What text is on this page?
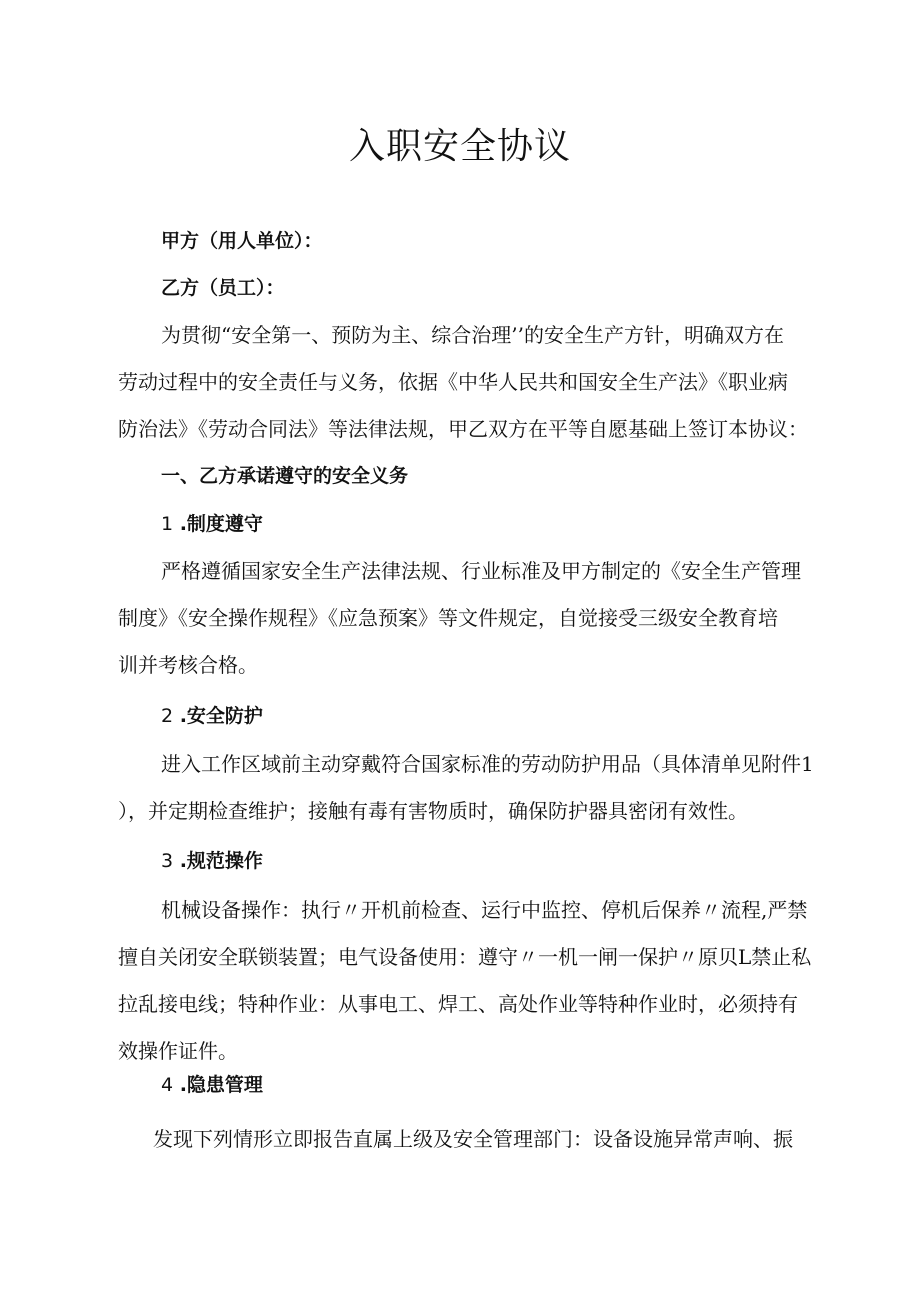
入职安全协议
甲方（用人单位）：
乙方（员工）：
为贯彻“安全第一、预防为主、综合治理’’的安全生产方针，明确双方在
劳动过程中的安全责任与义务，依据《中华人民共和国安全生产法》《职业病
防治法》《劳动合同法》等法律法规，甲乙双方在平等自愿基础上签订本协议：
一、乙方承诺遵守的安全义务
1 .制度遵守
严格遵循国家安全生产法律法规、行业标准及甲方制定的《安全生产管理
制度》《安全操作规程》《应急预案》等文件规定，自觉接受三级安全教育培
训并考核合格。
2 .安全防护
进入工作区域前主动穿戴符合国家标准的劳动防护用品（具体清单见附件1
），并定期检查维护；接触有毒有害物质时，确保防护器具密闭有效性。
3 .规范操作
机械设备操作：执行〃开机前检查、运行中监控、停机后保养〃流程,严禁
擅自关闭安全联锁装置；电气设备使用：遵守〃一机一闸一保护〃原贝L禁止私
拉乱接电线；特种作业：从事电工、焊工、高处作业等特种作业时，必须持有
效操作证件。
4 .隐患管理
发现下列情形立即报告直属上级及安全管理部门：设备设施异常声响、振
